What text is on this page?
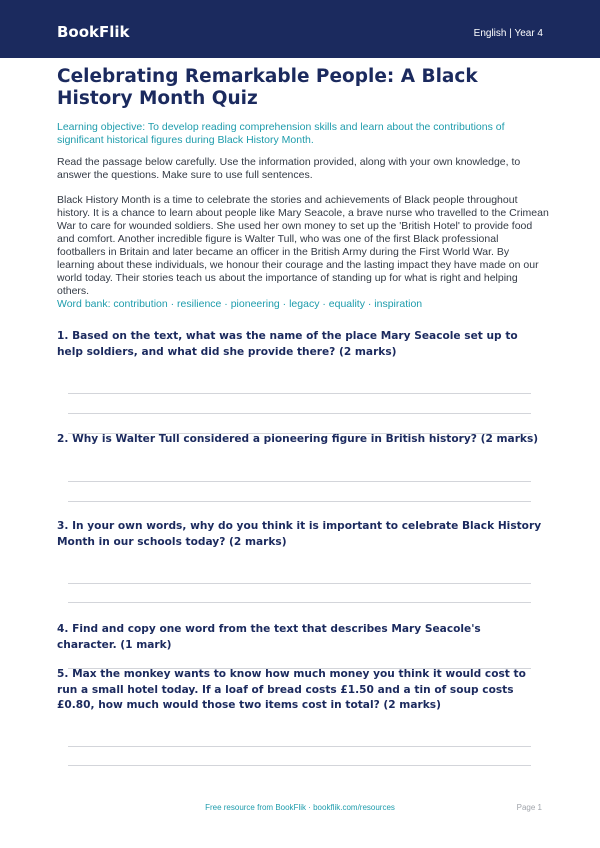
BookFlik	English | Year 4
Celebrating Remarkable People: A Black History Month Quiz
Learning objective: To develop reading comprehension skills and learn about the contributions of significant historical figures during Black History Month.
Read the passage below carefully. Use the information provided, along with your own knowledge, to answer the questions. Make sure to use full sentences.
Black History Month is a time to celebrate the stories and achievements of Black people throughout history. It is a chance to learn about people like Mary Seacole, a brave nurse who travelled to the Crimean War to care for wounded soldiers. She used her own money to set up the 'British Hotel' to provide food and comfort. Another incredible figure is Walter Tull, who was one of the first Black professional footballers in Britain and later became an officer in the British Army during the First World War. By learning about these individuals, we honour their courage and the lasting impact they have made on our world today. Their stories teach us about the importance of standing up for what is right and helping others.
Word bank: contribution · resilience · pioneering · legacy · equality · inspiration
1. Based on the text, what was the name of the place Mary Seacole set up to help soldiers, and what did she provide there? (2 marks)
2. Why is Walter Tull considered a pioneering figure in British history? (2 marks)
3. In your own words, why do you think it is important to celebrate Black History Month in our schools today? (2 marks)
4. Find and copy one word from the text that describes Mary Seacole's character. (1 mark)
5. Max the monkey wants to know how much money you think it would cost to run a small hotel today. If a loaf of bread costs £1.50 and a tin of soup costs £0.80, how much would those two items cost in total? (2 marks)
Free resource from BookFlik · bookflik.com/resources	Page 1
